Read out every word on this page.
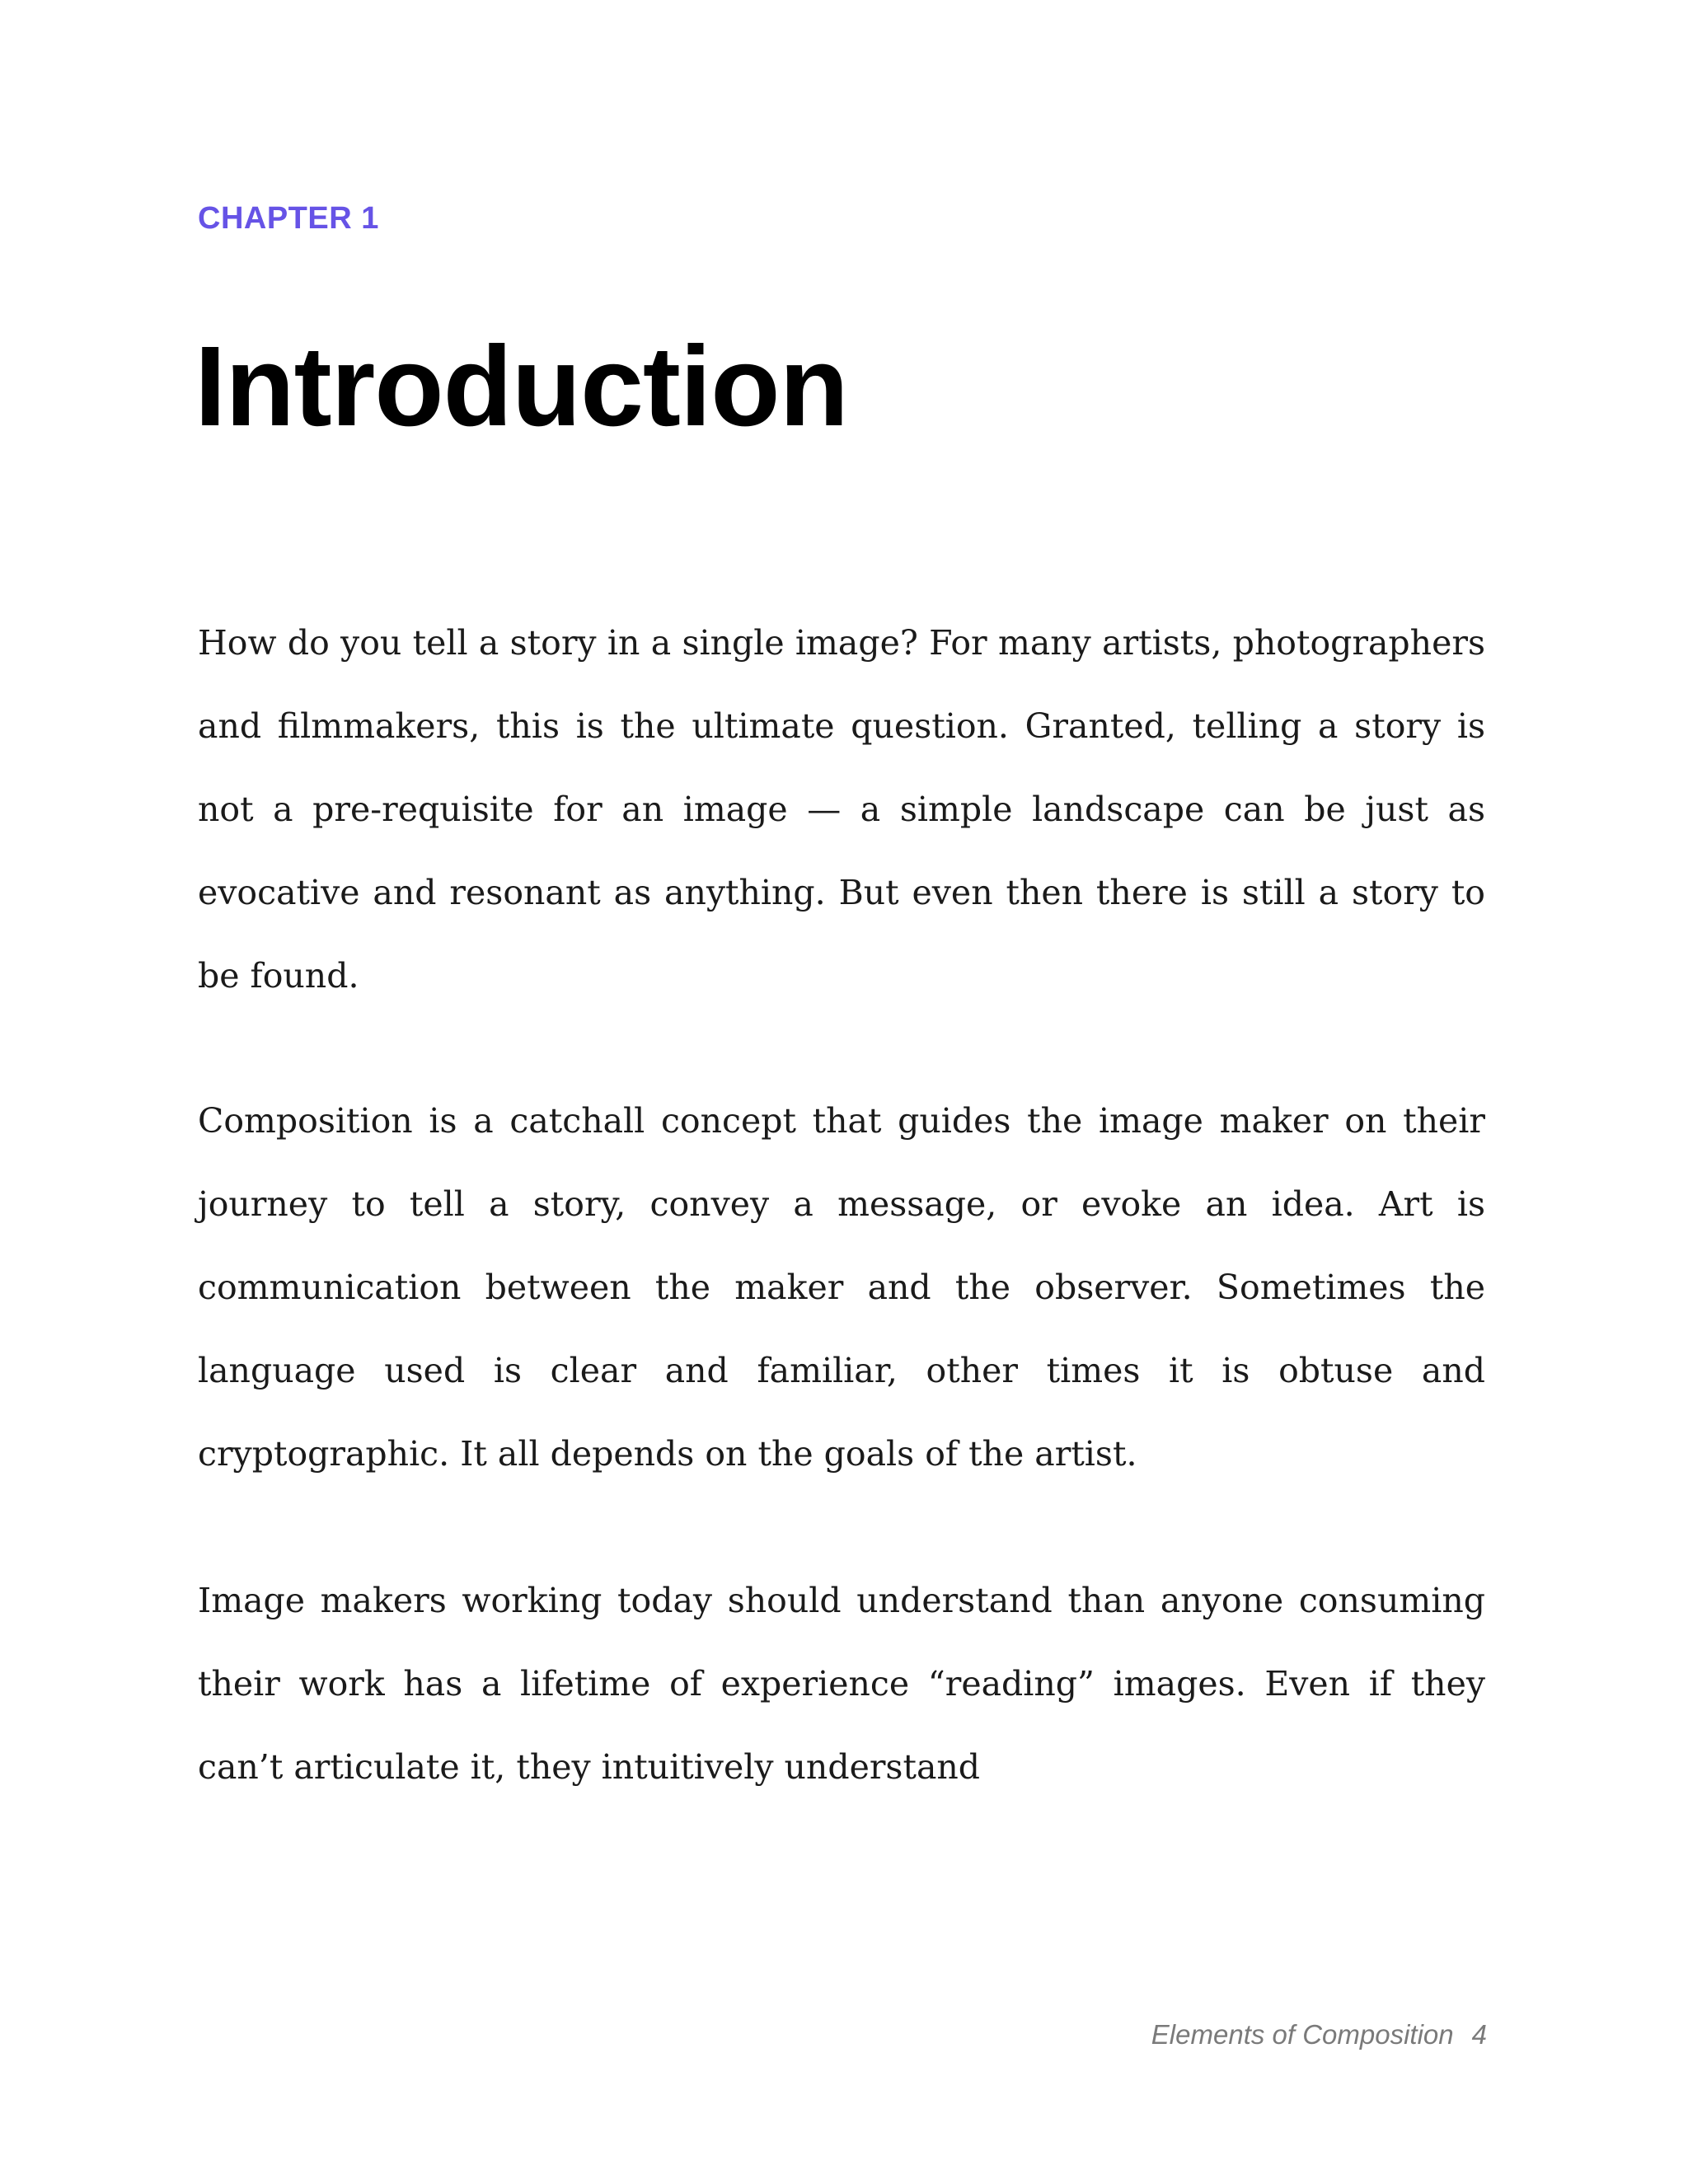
CHAPTER 1
Introduction

How do you tell a story in a single image? For many artists, photographers and filmmakers, this is the ultimate question. Granted, telling a story is not a pre-requisite for an image — a simple landscape can be just as evocative and resonant as anything. But even then there is still a story to be found.

Composition is a catchall concept that guides the image maker on their journey to tell a story, convey a message, or evoke an idea. Art is communication between the maker and the observer. Sometimes the language used is clear and familiar, other times it is obtuse and cryptographic. It all depends on the goals of the artist.

Image makers working today should understand than anyone consuming their work has a lifetime of experience “reading” images. Even if they can’t articulate it, they intuitively understand

Elements of Composition 4
